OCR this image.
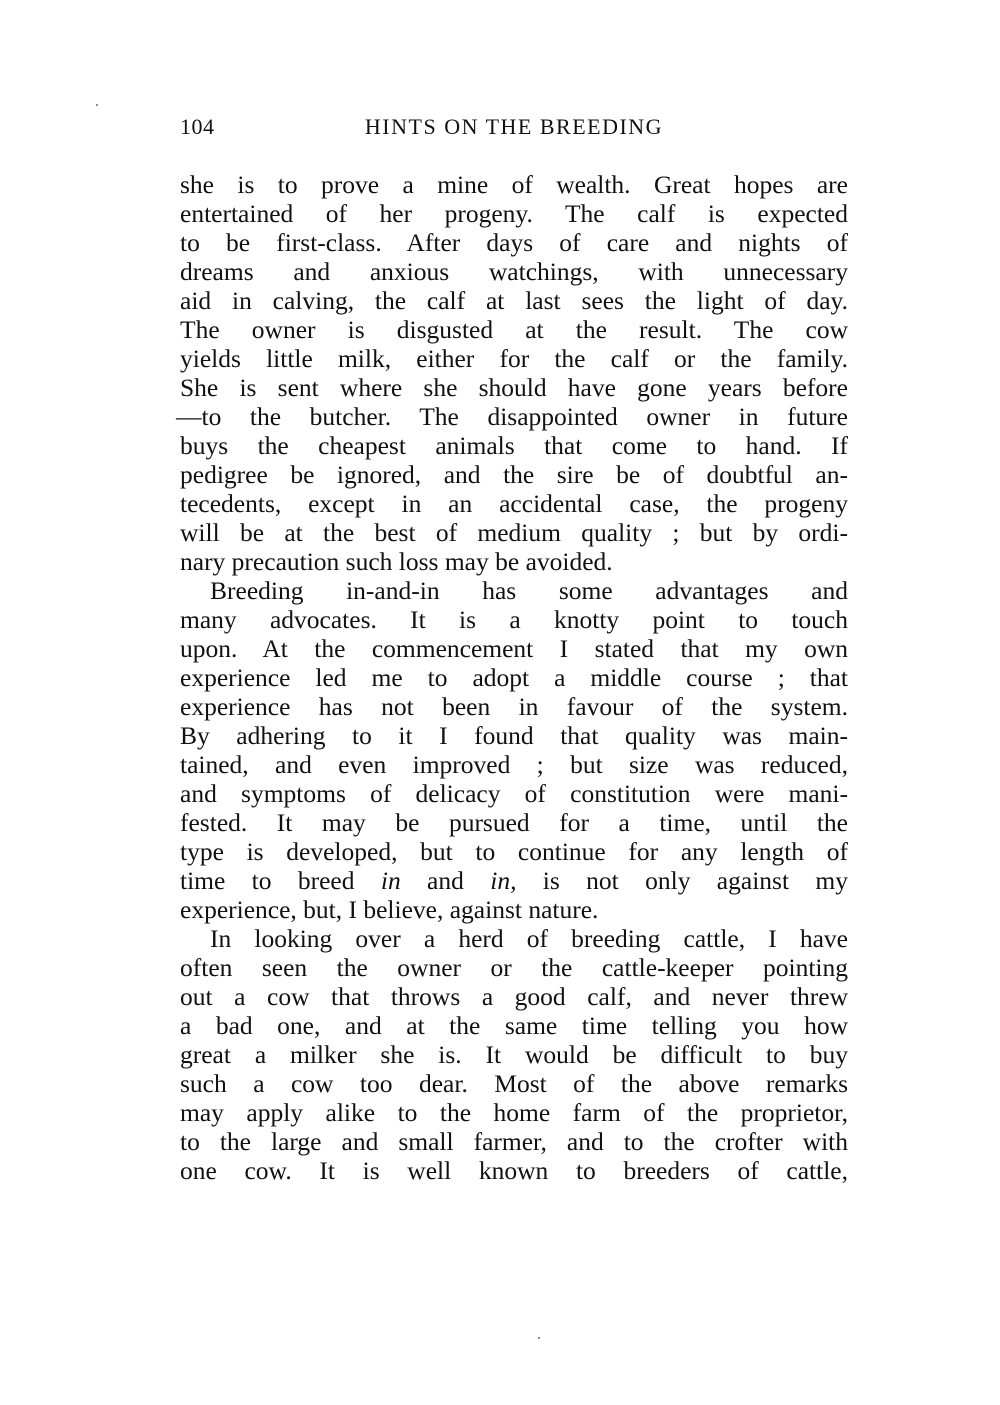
104	HINTS ON THE BREEDING
she is to prove a mine of wealth. Great hopes are
entertained of her progeny. The calf is expected
to be first-class. After days of care and nights of
dreams and anxious watchings, with unnecessary
aid in calving, the calf at last sees the light of day.
The owner is disgusted at the result. The cow
yields little milk, either for the calf or the family.
She is sent where she should have gone years before
—to the butcher. The disappointed owner in future
buys the cheapest animals that come to hand. If
pedigree be ignored, and the sire be of doubtful an-
tecedents, except in an accidental case, the progeny
will be at the best of medium quality ; but by ordi-
nary precaution such loss may be avoided.
Breeding in-and-in has some advantages and
many advocates. It is a knotty point to touch
upon. At the commencement I stated that my own
experience led me to adopt a middle course ; that
experience has not been in favour of the system.
By adhering to it I found that quality was main-
tained, and even improved ; but size was reduced,
and symptoms of delicacy of constitution were mani-
fested. It may be pursued for a time, until the
type is developed, but to continue for any length of
time to breed in and in, is not only against my
experience, but, I believe, against nature.
In looking over a herd of breeding cattle, I have
often seen the owner or the cattle-keeper pointing
out a cow that throws a good calf, and never threw
a bad one, and at the same time telling you how
great a milker she is. It would be difficult to buy
such a cow too dear. Most of the above remarks
may apply alike to the home farm of the proprietor,
to the large and small farmer, and to the crofter with
one cow. It is well known to breeders of cattle,
